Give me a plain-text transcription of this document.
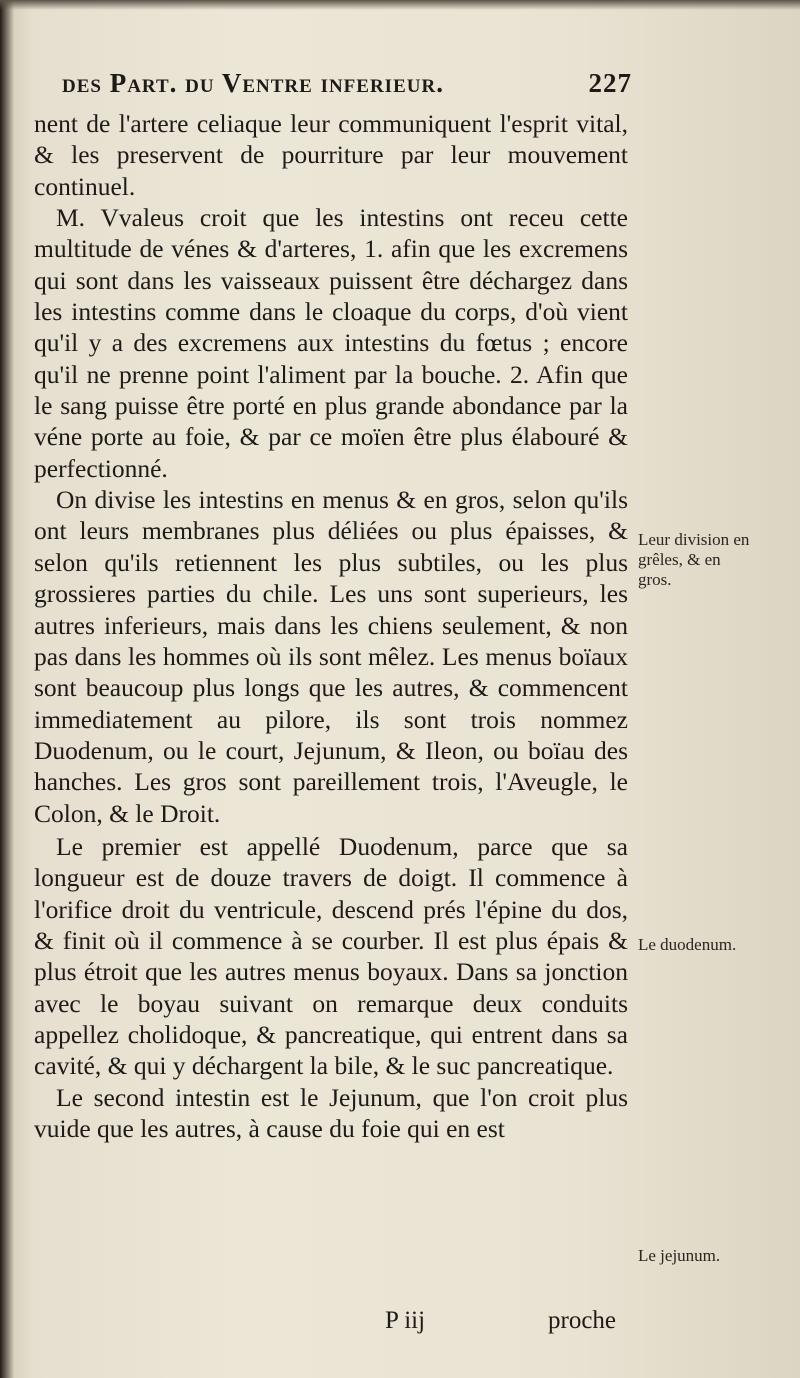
des Part. du Ventre inferieur.	227

nent de l'artere celiaque leur communiquent l'esprit vital, & les preservent de pourriture par leur mouvement continuel.

M. Vvaleus croit que les intestins ont receu cette multitude de vénes & d'arteres, 1. afin que les excremens qui sont dans les vaisseaux puissent être déchargez dans les intestins comme dans le cloaque du corps, d'où vient qu'il y a des excremens aux intestins du fœtus ; encore qu'il ne prenne point l'aliment par la bouche. 2. Afin que le sang puisse être porté en plus grande abondance par la véne porte au foie, & par ce moïen être plus élabouré & perfectionné.

On divise les intestins en menus & en gros, selon qu'ils ont leurs membranes plus déliées ou plus épaisses, & selon qu'ils retiennent les plus subtiles, ou les plus grossieres parties du chile. Les uns sont superieurs, les autres inferieurs, mais dans les chiens seulement, & non pas dans les hommes où ils sont mêlez. Les menus boïaux sont beaucoup plus longs que les autres, & commencent immediatement au pilore, ils sont trois nommez Duodenum, ou le court, Jejunum, & Ileon, ou boïau des hanches. Les gros sont pareillement trois, l'Aveugle, le Colon, & le Droit.

Le premier est appellé Duodenum, parce que sa longueur est de douze travers de doigt. Il commence à l'orifice droit du ventricule, descend prés l'épine du dos, & finit où il commence à se courber. Il est plus épais & plus étroit que les autres menus boyaux. Dans sa jonction avec le boyau suivant on remarque deux conduits appellez cholidoque, & pancreatique, qui entrent dans sa cavité, & qui y déchargent la bile, & le suc pancreatique.

Le second intestin est le Jejunum, que l'on croit plus vuide que les autres, à cause du foie qui en est

Leur division en grêles, & en gros.
Le duodenum.
Le jejunum.
P iij	proche
